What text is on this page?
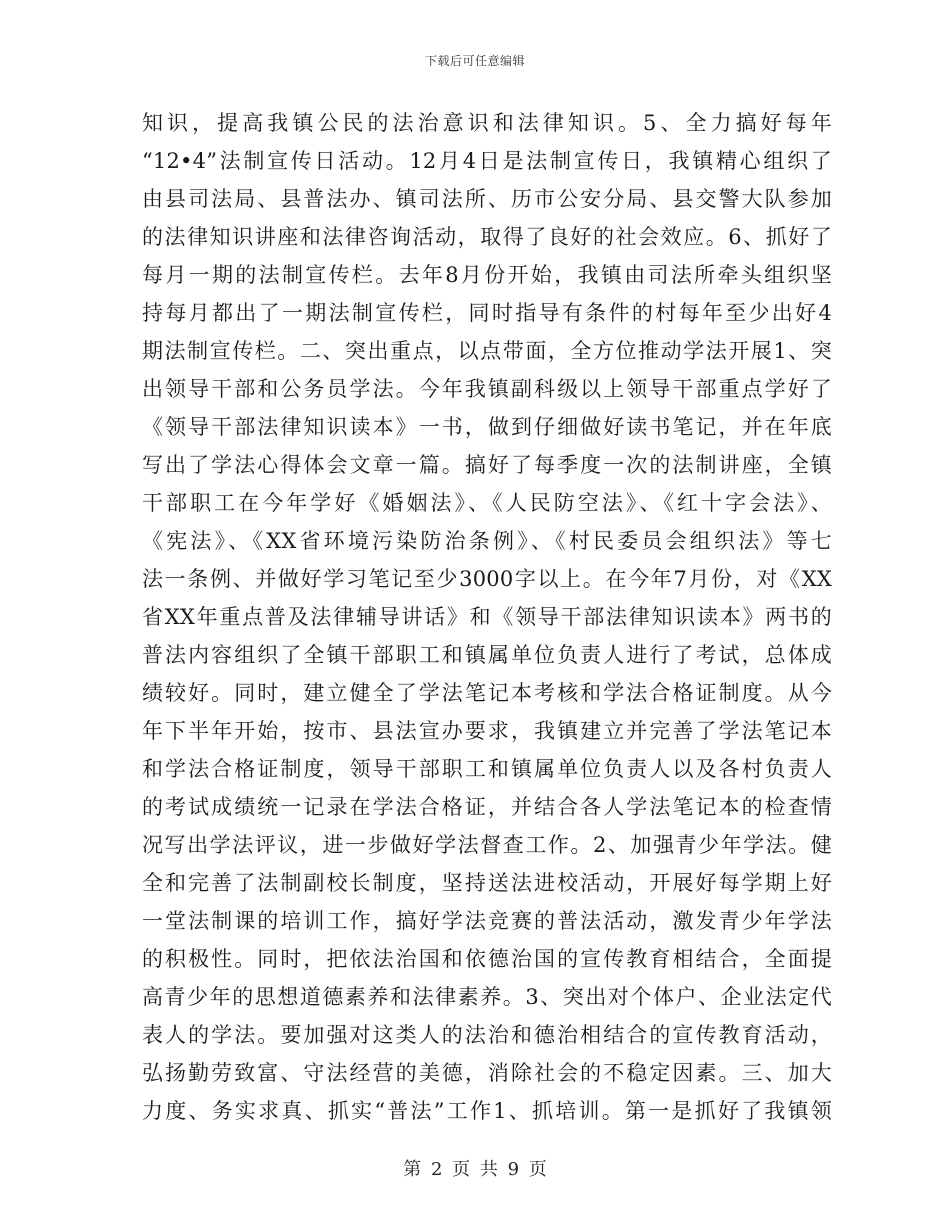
下载后可任意编辑
知识，提高我镇公民的法治意识和法律知识。5、全力搞好每年
“12•4”法制宣传日活动。12月4日是法制宣传日，我镇精心组织了
由县司法局、县普法办、镇司法所、历市公安分局、县交警大队参加
的法律知识讲座和法律咨询活动，取得了良好的社会效应。6、抓好了
每月一期的法制宣传栏。去年8月份开始，我镇由司法所牵头组织坚
持每月都出了一期法制宣传栏，同时指导有条件的村每年至少出好4
期法制宣传栏。二、突出重点，以点带面，全方位推动学法开展1、突
出领导干部和公务员学法。今年我镇副科级以上领导干部重点学好了
《领导干部法律知识读本》一书，做到仔细做好读书笔记，并在年底
写出了学法心得体会文章一篇。搞好了每季度一次的法制讲座，全镇
干部职工在今年学好《婚姻法》、《人民防空法》、《红十字会法》、
《宪法》、《XX省环境污染防治条例》、《村民委员会组织法》等七
法一条例、并做好学习笔记至少3000字以上。在今年7月份，对《XX
省XX年重点普及法律辅导讲话》和《领导干部法律知识读本》两书的
普法内容组织了全镇干部职工和镇属单位负责人进行了考试，总体成
绩较好。同时，建立健全了学法笔记本考核和学法合格证制度。从今
年下半年开始，按市、县法宣办要求，我镇建立并完善了学法笔记本
和学法合格证制度，领导干部职工和镇属单位负责人以及各村负责人
的考试成绩统一记录在学法合格证，并结合各人学法笔记本的检查情
况写出学法评议，进一步做好学法督查工作。2、加强青少年学法。健
全和完善了法制副校长制度，坚持送法进校活动，开展好每学期上好
一堂法制课的培训工作，搞好学法竞赛的普法活动，激发青少年学法
的积极性。同时，把依法治国和依德治国的宣传教育相结合，全面提
高青少年的思想道德素养和法律素养。3、突出对个体户、企业法定代
表人的学法。要加强对这类人的法治和德治相结合的宣传教育活动，
弘扬勤劳致富、守法经营的美德，消除社会的不稳定因素。三、加大
力度、务实求真、抓实“普法”工作1、抓培训。第一是抓好了我镇领
第 2 页 共 9 页
